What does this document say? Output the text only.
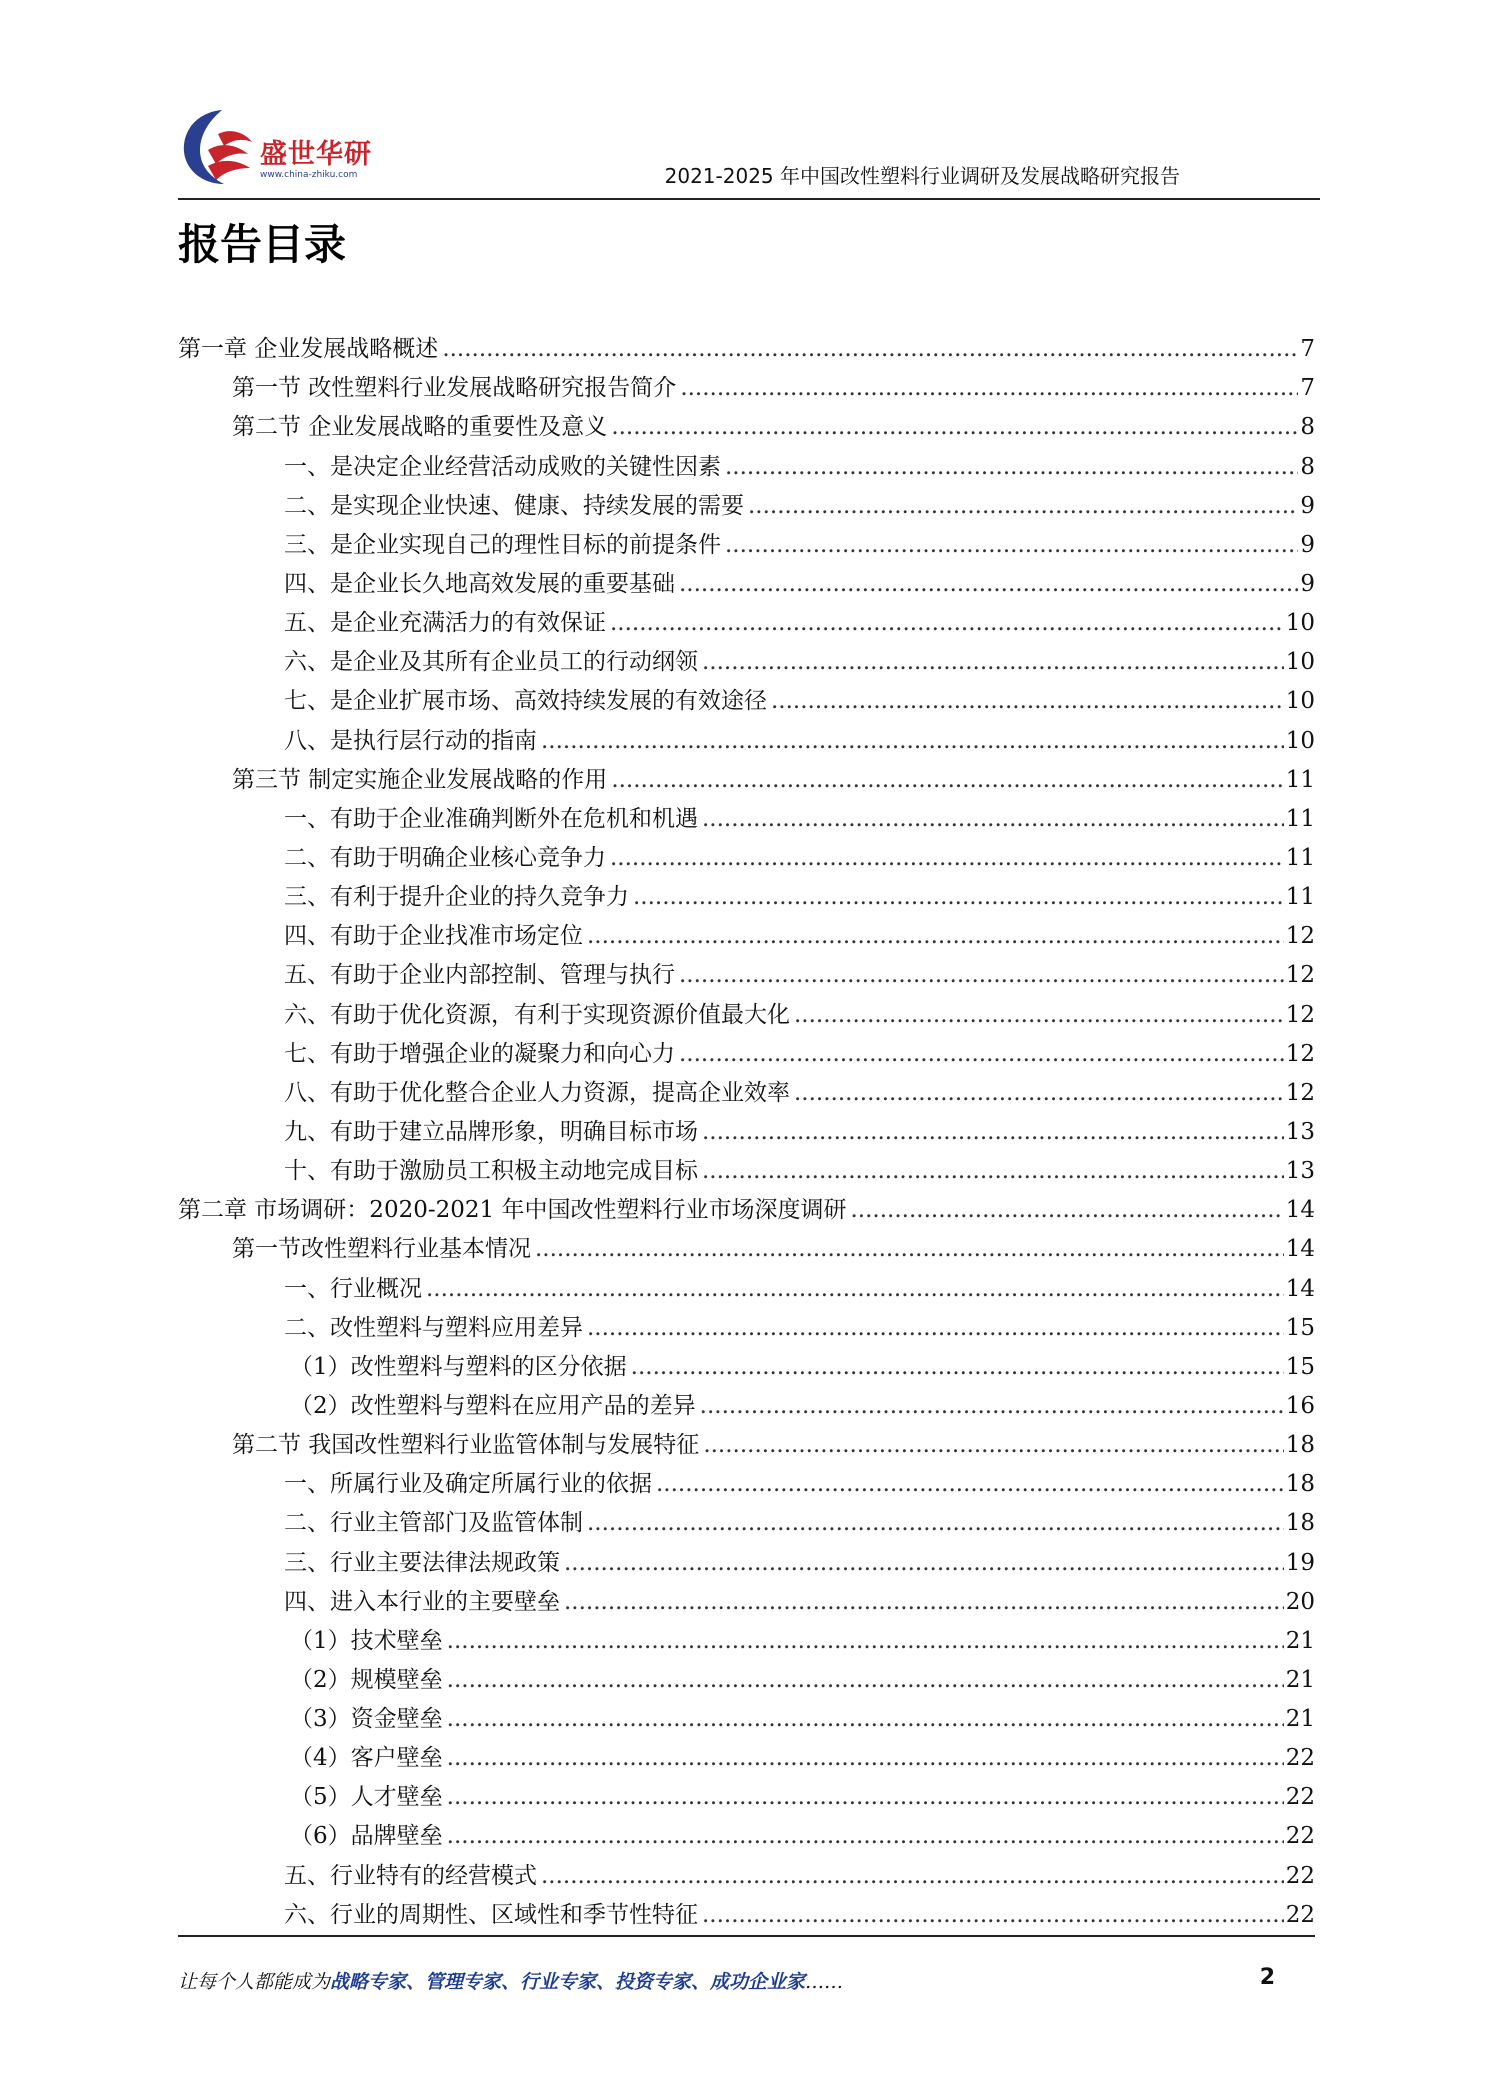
盛世华研
www.china-zhiku.com	2021-2025 年中国改性塑料行业调研及发展战略研究报告
报告目录
第一章 企业发展战略概述 .....	7
第一节 改性塑料行业发展战略研究报告简介 .....	7
第二节 企业发展战略的重要性及意义 .....	8
一、是决定企业经营活动成败的关键性因素 .....	8
二、是实现企业快速、健康、持续发展的需要 .....	9
三、是企业实现自己的理性目标的前提条件 .....	9
四、是企业长久地高效发展的重要基础 .....	9
五、是企业充满活力的有效保证 .....	10
六、是企业及其所有企业员工的行动纲领 .....	10
七、是企业扩展市场、高效持续发展的有效途径 .....	10
八、是执行层行动的指南 .....	10
第三节 制定实施企业发展战略的作用 .....	11
一、有助于企业准确判断外在危机和机遇 .....	11
二、有助于明确企业核心竞争力 .....	11
三、有利于提升企业的持久竞争力 .....	11
四、有助于企业找准市场定位 .....	12
五、有助于企业内部控制、管理与执行 .....	12
六、有助于优化资源，有利于实现资源价值最大化 .....	12
七、有助于增强企业的凝聚力和向心力 .....	12
八、有助于优化整合企业人力资源，提高企业效率 .....	12
九、有助于建立品牌形象，明确目标市场 .....	13
十、有助于激励员工积极主动地完成目标 .....	13
第二章 市场调研：2020-2021 年中国改性塑料行业市场深度调研 .....	14
第一节改性塑料行业基本情况 .....	14
一、行业概况 .....	14
二、改性塑料与塑料应用差异 .....	15
（1）改性塑料与塑料的区分依据 .....	15
（2）改性塑料与塑料在应用产品的差异 .....	16
第二节 我国改性塑料行业监管体制与发展特征 .....	18
一、所属行业及确定所属行业的依据 .....	18
二、行业主管部门及监管体制 .....	18
三、行业主要法律法规政策 .....	19
四、进入本行业的主要壁垒 .....	20
（1）技术壁垒 .....	21
（2）规模壁垒 .....	21
（3）资金壁垒 .....	21
（4）客户壁垒 .....	22
（5）人才壁垒 .....	22
（6）品牌壁垒 .....	22
五、行业特有的经营模式 .....	22
六、行业的周期性、区域性和季节性特征 .....	22
让每个人都能成为战略专家、管理专家、行业专家、投资专家、成功企业家……	2
